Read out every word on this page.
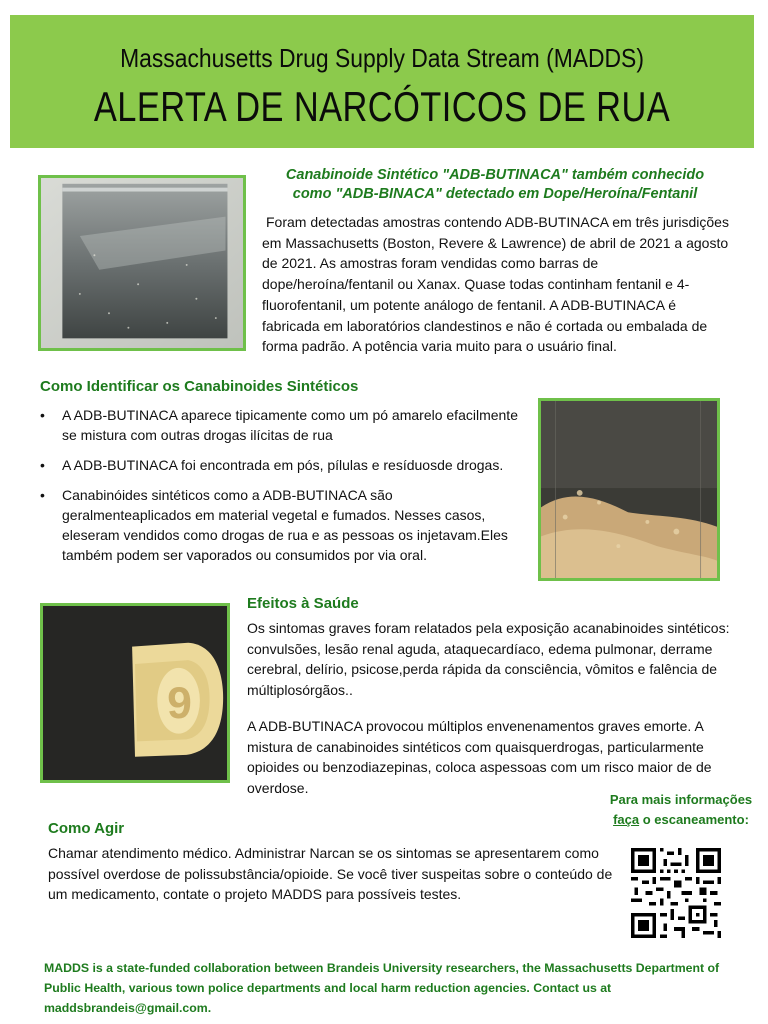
Massachusetts Drug Supply Data Stream (MADDS)
ALERTA DE NARCÓTICOS DE RUA
Canabinoide Sintético "ADB-BUTINACA" também conhecido
como "ADB-BINACA" detectado em Dope/Heroína/Fentanil

Foram detectadas amostras contendo ADB-BUTINACA em três jurisdições em Massachusetts (Boston, Revere & Lawrence) de abril de 2021 a agosto de 2021. As amostras foram vendidas como barras de dope/heroína/fentanil ou Xanax. Quase todas continham fentanil e 4-fluorofentanil, um potente análogo de fentanil. A ADB-BUTINACA é fabricada em laboratórios clandestinos e não é cortada ou embalada de forma padrão. A potência varia muito para o usuário final.

Como Identificar os Canabinoides Sintéticos
• A ADB-BUTINACA aparece tipicamente como um pó amarelo efacilmente se mistura com outras drogas ilícitas de rua
• A ADB-BUTINACA foi encontrada em pós, pílulas e resíduosde drogas.
• Canabinóides sintéticos como a ADB-BUTINACA são geralmenteaplicados em material vegetal e fumados. Nesses casos, eleseram vendidos como drogas de rua e as pessoas os injetavam.Eles também podem ser vaporados ou consumidos por via oral.
9
Efeitos à Saúde

Os sintomas graves foram relatados pela exposição acanabinoides sintéticos: convulsões, lesão renal aguda, ataquecardíaco, edema pulmonar, derrame cerebral, delírio, psicose,perda rápida da consciência, vômitos e falência de múltiplosórgãos..

A ADB-BUTINACA provocou múltiplos envenenamentos graves emorte. A mistura de canabinoides sintéticos com quaisquerdrogas, particularmente opioides ou benzodiazepinas, coloca aspessoas com um risco maior de de overdose.

Para mais informações
faça o escaneamento:
Como Agir

Chamar atendimento médico. Administrar Narcan se os sintomas se apresentarem como possível overdose de polissubstância/opioide. Se você tiver suspeitas sobre o conteúdo de um medicamento, contate o projeto MADDS para possíveis testes.

MADDS is a state-funded collaboration between Brandeis University researchers, the Massachusetts Department of Public Health, various town police departments and local harm reduction agencies. Contact us at maddsbrandeis@gmail.com.
